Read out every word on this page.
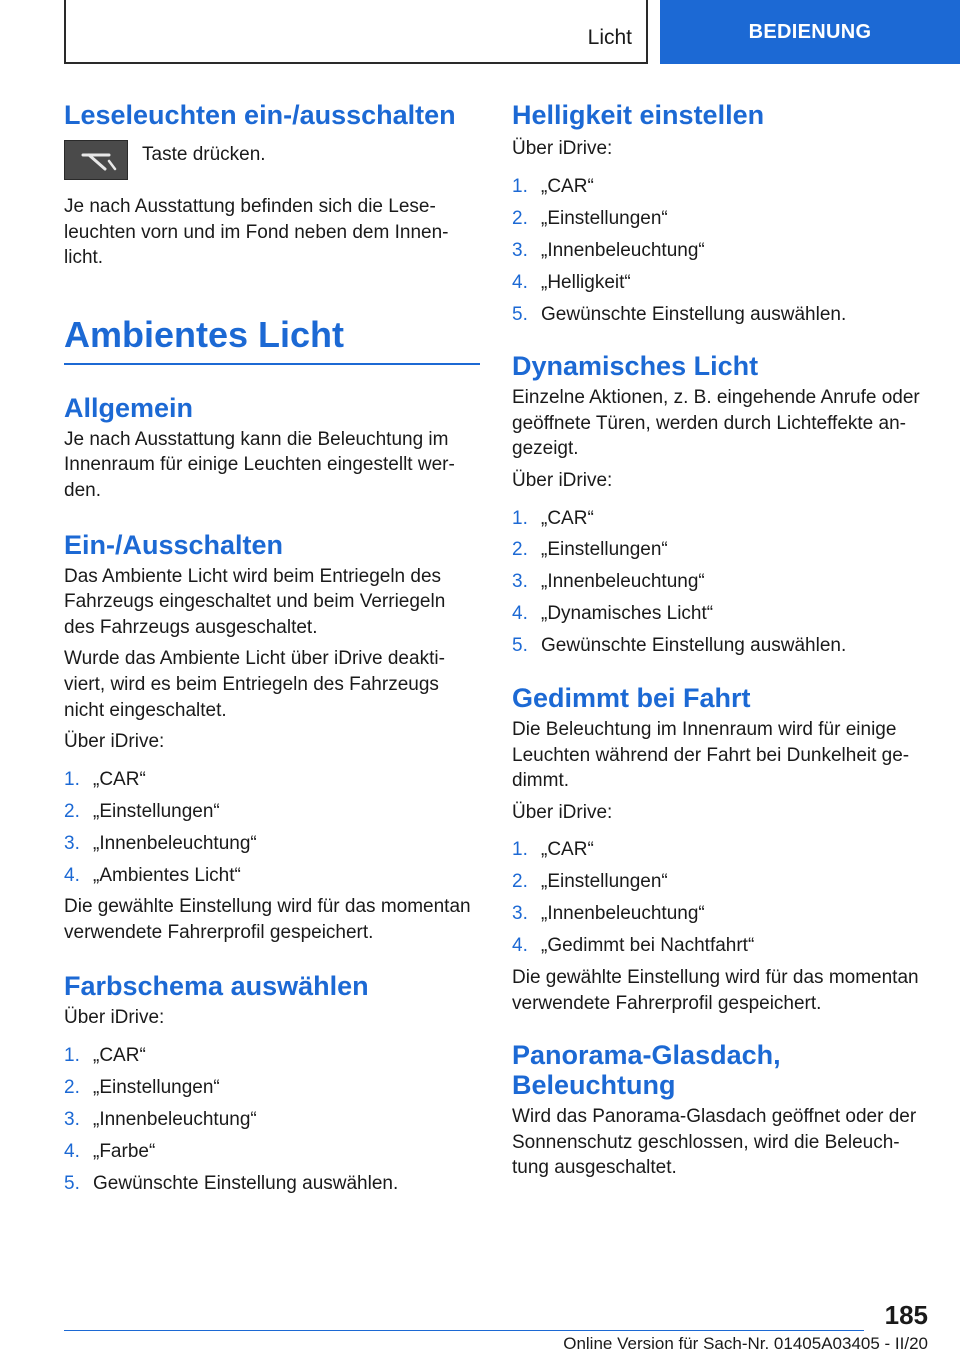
Licht	BEDIENUNG
Leseleuchten ein-/ausschalten

Taste drücken.

Je nach Ausstattung befinden sich die Lese-leuchten vorn und im Fond neben dem Innen-licht.

Ambientes Licht
Allgemein

Je nach Ausstattung kann die Beleuchtung im Innenraum für einige Leuchten eingestellt wer-den.

Ein-/Ausschalten

Das Ambiente Licht wird beim Entriegeln des Fahrzeugs eingeschaltet und beim Verriegeln des Fahrzeugs ausgeschaltet.

Wurde das Ambiente Licht über iDrive deakti-viert, wird es beim Entriegeln des Fahrzeugs nicht eingeschaltet.

Über iDrive:

1. „CAR“
2. „Einstellungen“
3. „Innenbeleuchtung“
4. „Ambientes Licht“

Die gewählte Einstellung wird für das momentan verwendete Fahrerprofil gespeichert.

Farbschema auswählen

Über iDrive:

1. „CAR“
2. „Einstellungen“
3. „Innenbeleuchtung“
4. „Farbe“
5. Gewünschte Einstellung auswählen.
Helligkeit einstellen

Über iDrive:

1. „CAR“
2. „Einstellungen“
3. „Innenbeleuchtung“
4. „Helligkeit“
5. Gewünschte Einstellung auswählen.
Dynamisches Licht

Einzelne Aktionen, z. B. eingehende Anrufe oder geöffnete Türen, werden durch Lichteffekte an-gezeigt.

Über iDrive:

1. „CAR“
2. „Einstellungen“
3. „Innenbeleuchtung“
4. „Dynamisches Licht“
5. Gewünschte Einstellung auswählen.
Gedimmt bei Fahrt

Die Beleuchtung im Innenraum wird für einige Leuchten während der Fahrt bei Dunkelheit ge-dimmt.

Über iDrive:

1. „CAR“
2. „Einstellungen“
3. „Innenbeleuchtung“
4. „Gedimmt bei Nachtfahrt“

Die gewählte Einstellung wird für das momentan verwendete Fahrerprofil gespeichert.

Panorama-Glasdach, Beleuchtung

Wird das Panorama-Glasdach geöffnet oder der Sonnenschutz geschlossen, wird die Beleuch-tung ausgeschaltet.

185
Online Version für Sach-Nr. 01405A03405 - II/20
